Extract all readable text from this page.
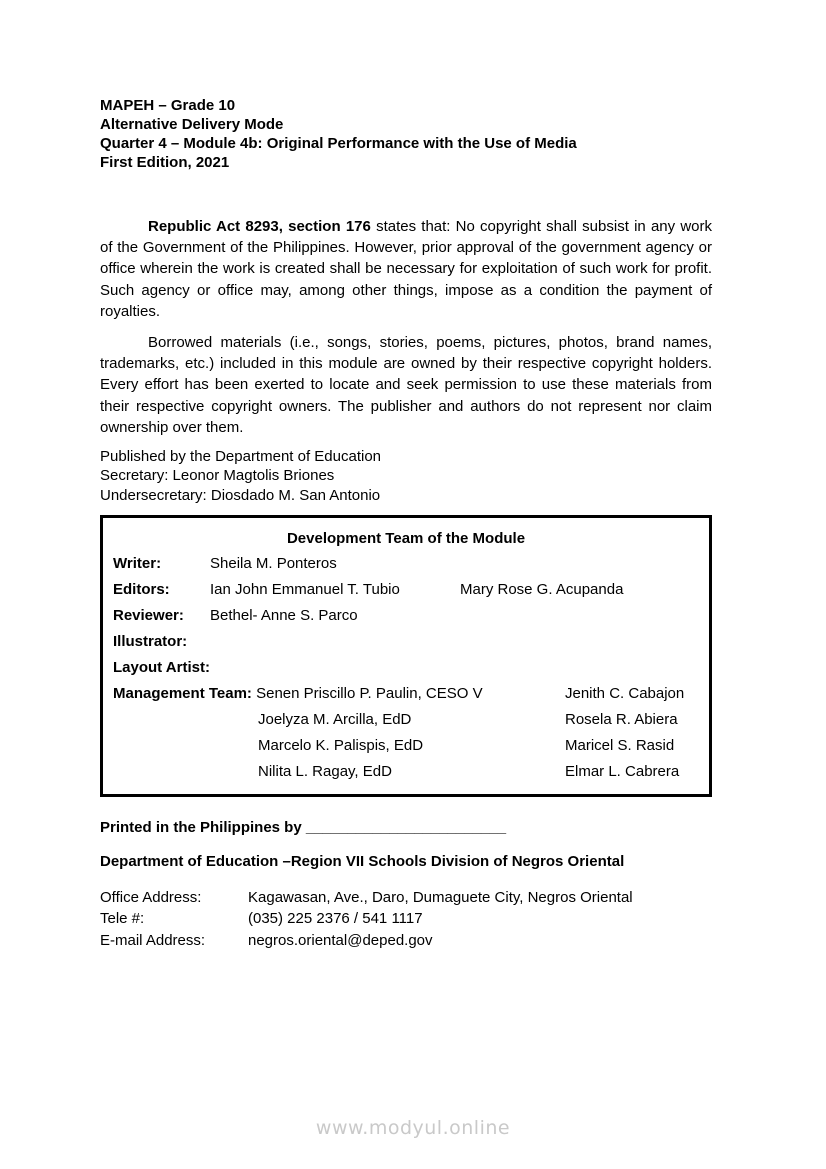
MAPEH – Grade 10
Alternative Delivery Mode
Quarter 4 – Module 4b: Original Performance with the Use of Media
First Edition, 2021

Republic Act 8293, section 176 states that: No copyright shall subsist in any work of the Government of the Philippines. However, prior approval of the government agency or office wherein the work is created shall be necessary for exploitation of such work for profit. Such agency or office may, among other things, impose as a condition the payment of royalties.

Borrowed materials (i.e., songs, stories, poems, pictures, photos, brand names, trademarks, etc.) included in this module are owned by their respective copyright holders. Every effort has been exerted to locate and seek permission to use these materials from their respective copyright owners. The publisher and authors do not represent nor claim ownership over them.

Published by the Department of Education
Secretary: Leonor Magtolis Briones
Undersecretary: Diosdado M. San Antonio
Development Team of the Module
Writer:	Sheila M. Ponteros
Editors:	Ian John Emmanuel T. Tubio	Mary Rose G. Acupanda
Reviewer:	Bethel- Anne S. Parco
Illustrator:
Layout Artist:
Management Team: Senen Priscillo P. Paulin, CESO V	Jenith C. Cabajon
Joelyza M. Arcilla, EdD	Rosela R. Abiera
Marcelo K. Palispis, EdD	Maricel S. Rasid
Nilita L. Ragay, EdD	Elmar L. Cabrera
Printed in the Philippines by ________________________
Department of Education –Region VII Schools Division of Negros Oriental
Office Address:	Kagawasan, Ave., Daro, Dumaguete City, Negros Oriental
Tele #:	(035) 225 2376 / 541 1117
E-mail Address:	negros.oriental@deped.gov
www.modyul.online
